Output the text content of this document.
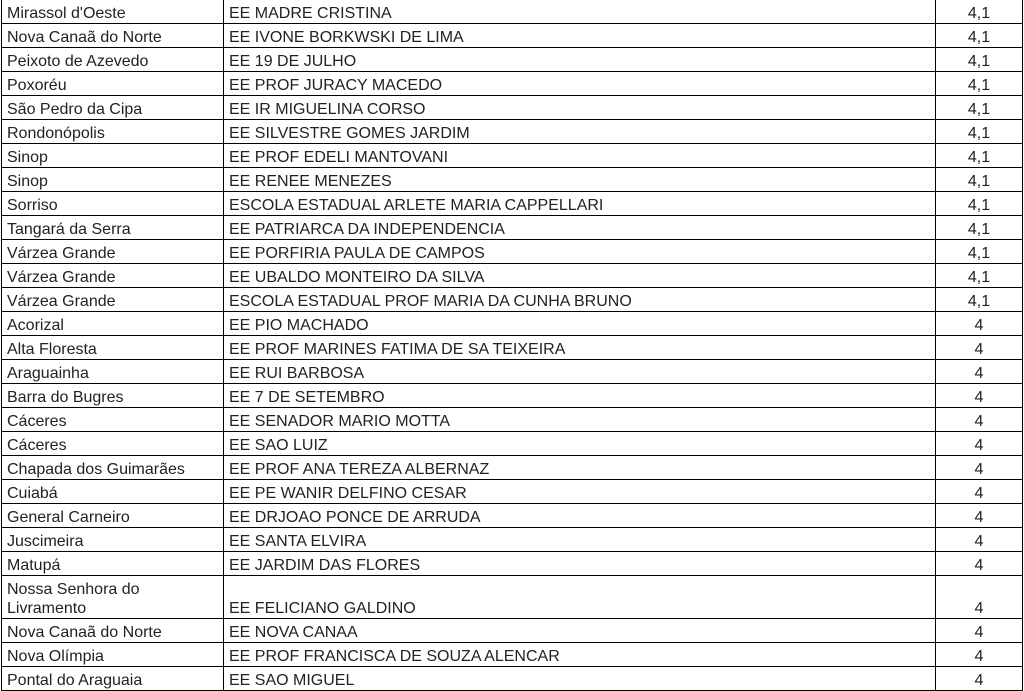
Mirassol d'Oeste	EE MADRE CRISTINA	4,1
Nova Canaã do Norte	EE IVONE BORKWSKI DE LIMA	4,1
Peixoto de Azevedo	EE 19 DE JULHO	4,1
Poxoréu	EE PROF JURACY MACEDO	4,1
São Pedro da Cipa	EE IR MIGUELINA CORSO	4,1
Rondonópolis	EE SILVESTRE GOMES JARDIM	4,1
Sinop	EE PROF EDELI MANTOVANI	4,1
Sinop	EE RENEE MENEZES	4,1
Sorriso	ESCOLA ESTADUAL ARLETE MARIA CAPPELLARI	4,1
Tangará da Serra	EE PATRIARCA DA INDEPENDENCIA	4,1
Várzea Grande	EE PORFIRIA PAULA DE CAMPOS	4,1
Várzea Grande	EE UBALDO MONTEIRO DA SILVA	4,1
Várzea Grande	ESCOLA ESTADUAL PROF MARIA DA CUNHA BRUNO	4,1
Acorizal	EE PIO MACHADO	4
Alta Floresta	EE PROF MARINES FATIMA DE SA TEIXEIRA	4
Araguainha	EE RUI BARBOSA	4
Barra do Bugres	EE 7 DE SETEMBRO	4
Cáceres	EE SENADOR MARIO MOTTA	4
Cáceres	EE SAO LUIZ	4
Chapada dos Guimarães	EE PROF ANA TEREZA ALBERNAZ	4
Cuiabá	EE PE WANIR DELFINO CESAR	4
General Carneiro	EE DRJOAO PONCE DE ARRUDA	4
Juscimeira	EE SANTA ELVIRA	4
Matupá	EE JARDIM DAS FLORES	4
Nossa Senhora do Livramento	EE FELICIANO GALDINO	4
Nova Canaã do Norte	EE NOVA CANAA	4
Nova Olímpia	EE PROF FRANCISCA DE SOUZA ALENCAR	4
Pontal do Araguaia	EE SAO MIGUEL	4
